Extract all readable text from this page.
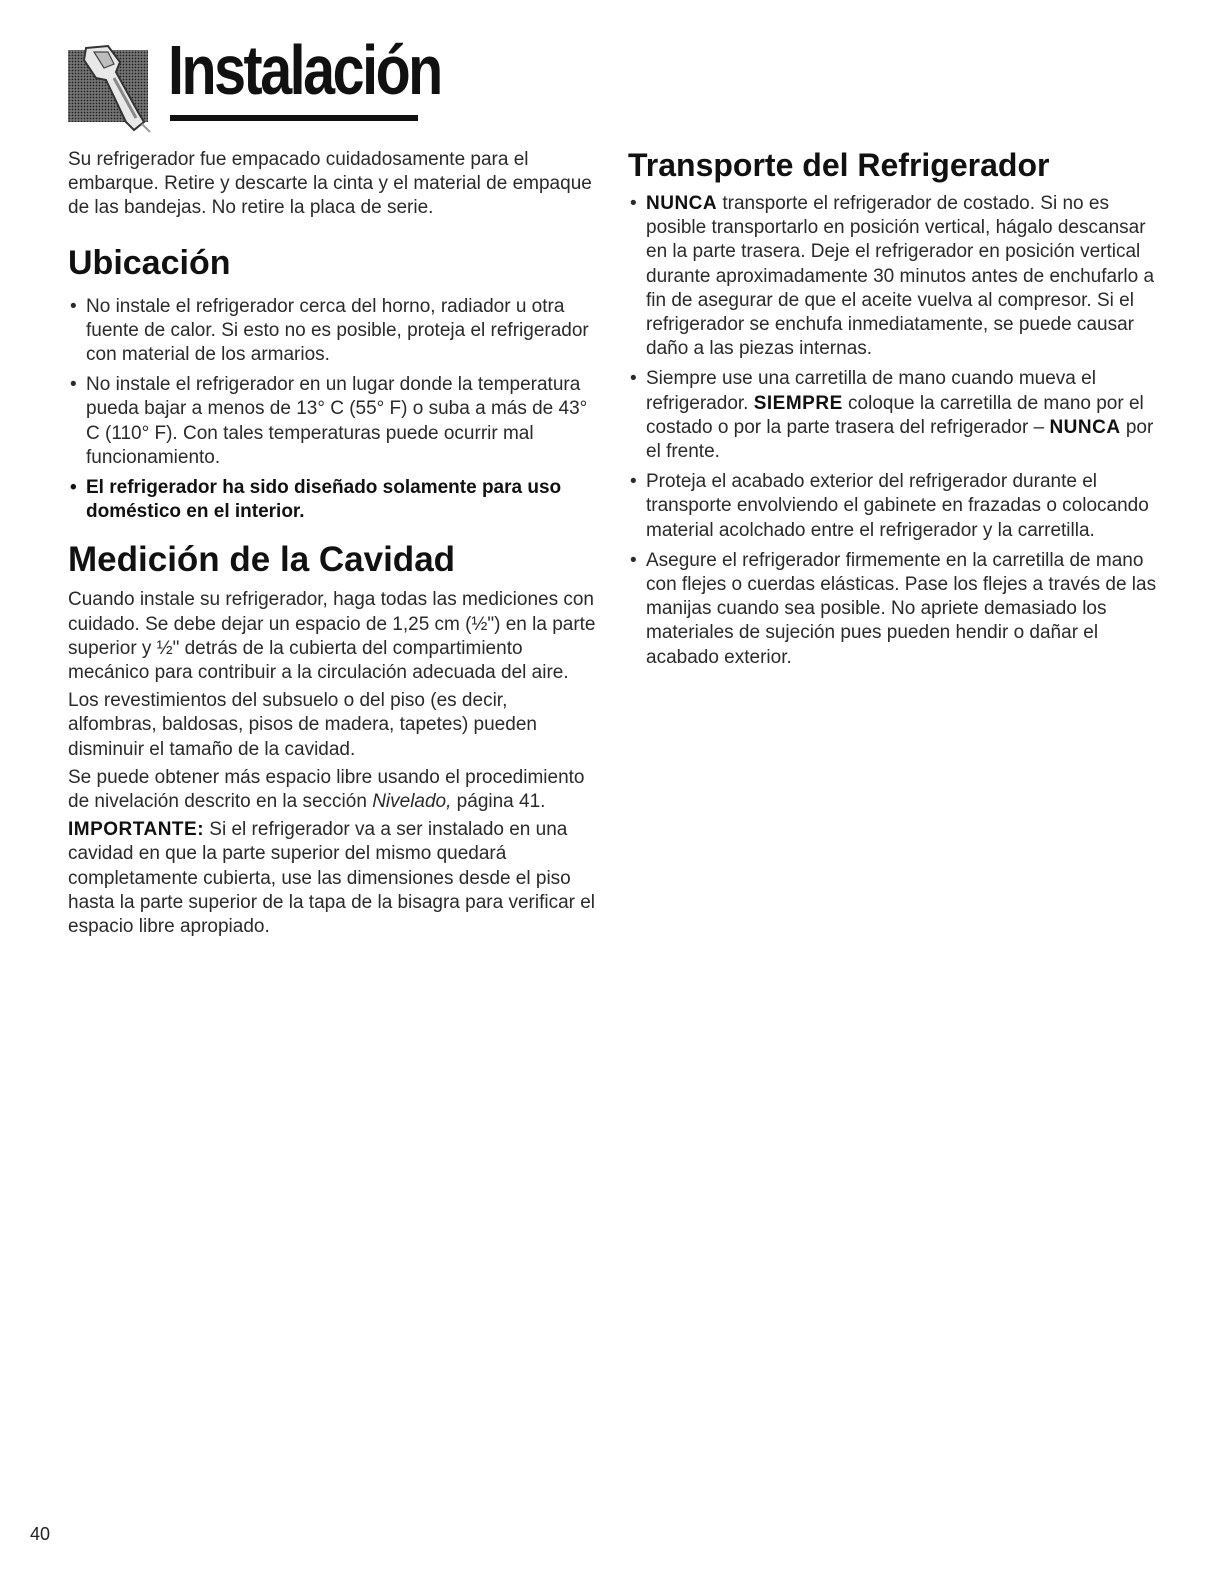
Instalación

Su refrigerador fue empacado cuidadosamente para el embarque. Retire y descarte la cinta y el material de empaque de las bandejas. No retire la placa de serie.

Ubicación
• No instale el refrigerador cerca del horno, radiador u otra fuente de calor. Si esto no es posible, proteja el refrigerador con material de los armarios.
• No instale el refrigerador en un lugar donde la temperatura pueda bajar a menos de 13° C (55° F) o suba a más de 43° C (110° F). Con tales temperaturas puede ocurrir mal funcionamiento.
• El refrigerador ha sido diseñado solamente para uso doméstico en el interior.
Medición de la Cavidad

Cuando instale su refrigerador, haga todas las mediciones con cuidado. Se debe dejar un espacio de 1,25 cm (½") en la parte superior y ½" detrás de la cubierta del compartimiento mecánico para contribuir a la circulación adecuada del aire.

Los revestimientos del subsuelo o del piso (es decir, alfombras, baldosas, pisos de madera, tapetes) pueden disminuir el tamaño de la cavidad.

Se puede obtener más espacio libre usando el procedimiento de nivelación descrito en la sección Nivelado, página 41.

IMPORTANTE: Si el refrigerador va a ser instalado en una cavidad en que la parte superior del mismo quedará completamente cubierta, use las dimensiones desde el piso hasta la parte superior de la tapa de la bisagra para verificar el espacio libre apropiado.

Transporte del Refrigerador
• NUNCA transporte el refrigerador de costado. Si no es posible transportarlo en posición vertical, hágalo descansar en la parte trasera. Deje el refrigerador en posición vertical durante aproximadamente 30 minutos antes de enchufarlo a fin de asegurar de que el aceite vuelva al compresor. Si el refrigerador se enchufa inmediatamente, se puede causar daño a las piezas internas.
• Siempre use una carretilla de mano cuando mueva el refrigerador. SIEMPRE coloque la carretilla de mano por el costado o por la parte trasera del refrigerador – NUNCA por el frente.
• Proteja el acabado exterior del refrigerador durante el transporte envolviendo el gabinete en frazadas o colocando material acolchado entre el refrigerador y la carretilla.
• Asegure el refrigerador firmemente en la carretilla de mano con flejes o cuerdas elásticas. Pase los flejes a través de las manijas cuando sea posible. No apriete demasiado los materiales de sujeción pues pueden hendir o dañar el acabado exterior.
40
